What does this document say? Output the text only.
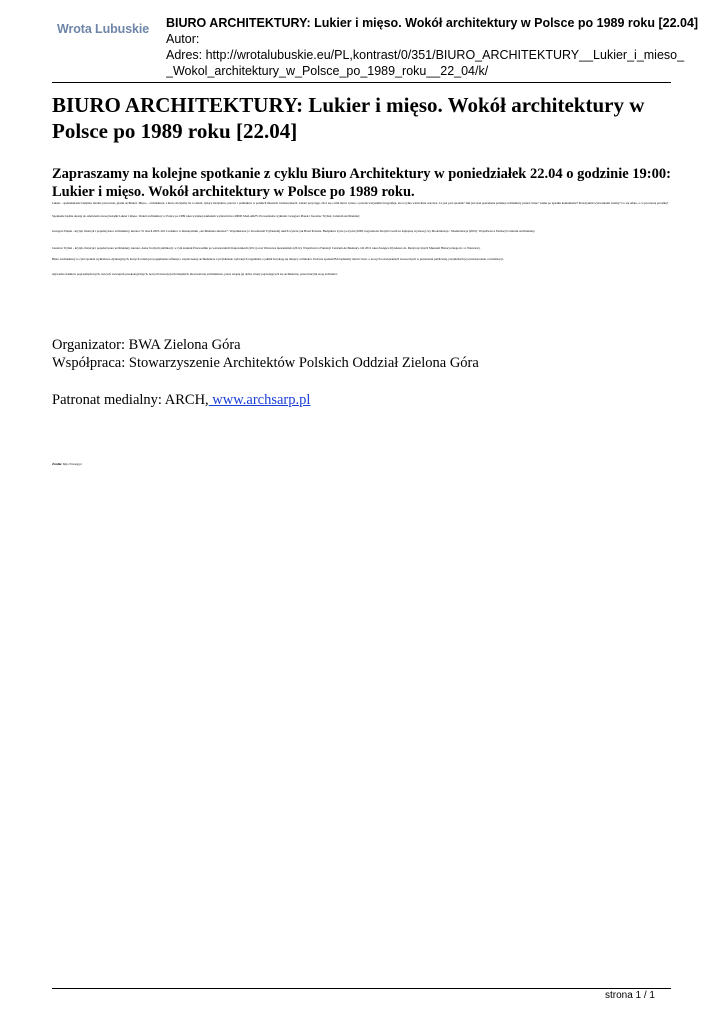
Wrota Lubuskie BIURO ARCHITEKTURY: Lukier i mięso. Wokół architektury w Polsce po 1989 roku [22.04]
Autor:
Adres: http://wrotalubuskie.eu/PL,kontrast/0/351/BIURO_ARCHITEKTURY__Lukier_i_mieso_
_Wokol_architektury_w_Polsce_po_1989_roku__22_04/k/
BIURO ARCHITEKTURY: Lukier i mięso. Wokół architektury w Polsce po 1989 roku [22.04]
Zapraszamy na kolejne spotkanie z cyklu Biuro Architektury w poniedziałek 22.04 o godzinie 19:00: Lukier i mięso. Wokół architektury w Polsce po 1989 roku.

Lukier – spektakularne budynki, modne pracownie, głośni architekci. Mięso – architektura, z którą obcujemy na co dzień, tysiące budynków, placów i pomników w polskich miastach i miasteczkach. Lukier przyciąga, choć się o nim mówi i pisze, a przede wszystkim fotografuje, ale to tylko wierzchnia warstwa. Co jest pod spodem? Jaki jest stan posiadania polskiej architektury ponad ćwierć wieku po upadku komunizmu? Przed jakim wyzwaniami stoimy? Co się udało, a co jest naszą porażką?

Spotkanie będzie okazją do omówienia nowej książki Lukier i mięso. Wokół architektury w Polsce po 1989 roku wydanej nakładem wydawnictwa 40000 MALARZY. Prowadzenie wykładu: Grzegorz Piątek i Jarosław Trybuś, Centrum Architektury

Grzegorz Piątek - krytyk, historyk i popularyzator architektury, kurator. W latach 2005–2011 redaktor w miesięczniku „Architektura-murator”. Współkurator (z Jarosławem Trybusiem) takich wystaw jak Hotel Polonia. Budynków życie po życiu (2008, nagrodzona Złotym Lwem za najlepszą wystawę) czy Modernizacje / Modernizacja (2010). Współtwórca Fundacji Centrum Architektury.

Jarosław Trybuś - krytyk, historyk i popularyzator architektury, kurator. Autor licznych publikacji, w tym książek Przewodnik po warszawskich blokowiskach (2011) oraz Warszawa niezaistniała (2012). Współtwórca Fundacji Centrum Architektury. Od 2012 roku Zastępca Dyrektora ds. Merytorycznych Muzeum Historycznego m. st. Warszawy.

Biuro Architektury to cykl spotkań wykładowo-dyskusyjnych, których celem jest pogłębianie refleksji o współczesnej architekturze i przybliżenie wybranych zagadnień, z jakimi borykają się miejscy architekci. Podczas spotkań BA będziemy mówić m.in. o nowych rozwiązaniach stosowanych w przestrzeni publicznej, przykładach jej zawłaszczania, rewitalizacji,

używania obiektów poprzemysłowych, nowych rozwiązań proekologicznych, nowych inwestycjach miejskich, kierowniczej architekturze, przez terapię jej dobre strony pojawiających się architektów, przez którymi stoją architekci.

Organizator: BWA Zielona Góra

Współpraca: Stowarzyszenie Architektów Polskich Oddział Zielona Góra

Patronat medialny: ARCH, www.archsarp.pl

Źródło: http://bwazg.pl
strona 1 / 1
